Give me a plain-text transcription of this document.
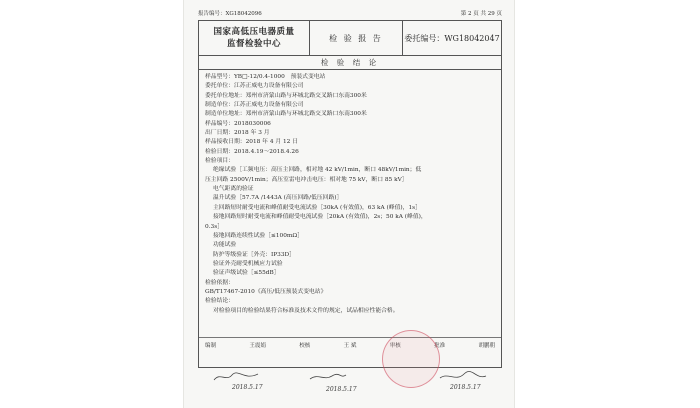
报告编号：XG18042096	第 2 页 共 29 页
国家高低压电器质量
监督检验中心
检 验 报 告	委托编号：WG18042047
检 验 结 论
样品型号：YB□-12/0.4-1000　预装式变电站
委托单位：江苏正威电力设备有限公司
委托单位地址：郑州市济蒙山路与环城北路交叉路口东南300米
制造单位：江苏正威电力设备有限公司
制造单位地址：郑州市济蒙山路与环城北路交叉路口东南300米
样品编号：2018030006
出厂日期：2018 年 3 月
样品接收日期：2018 年 4 月 12 日
检验日期：2018.4.19～2018.4.26
检验项目：
绝缘试验［工频电压：高压主回路，相对地 42 kV/1min，断口 48kV/1min；低
压主回路 2500V/1min；高压室雷电冲击电压：相对地 75 kV，断口 85 kV］
电气距离的验证
温升试验［57.7A /1443A (高压回路/低压回路)］
主回路短时耐受电流和峰值耐受电流试验［30kA (有效值)，63 kA (峰值)，1s］
接地回路短时耐受电流和峰值耐受电流试验［20kA (有效值)，2s；50 kA (峰值)，
0.3s］
接地回路连续性试验［≤100mΩ］
功能试验
防护等级验证［外壳：IP33D］
验证外壳耐受机械应力试验
验证声级试验［≤55dB］
检验依据：
GB/T17467-2010《高压/低压预装式变电站》
检验结论：
对检验项目的检验结果符合标准及技术文件的规定，试品相应性能合格。
编制	王震娟	校核	王 斌	审核	批准	胡鹏朝
2018.5.17	2018.5.17	2018.5.17
